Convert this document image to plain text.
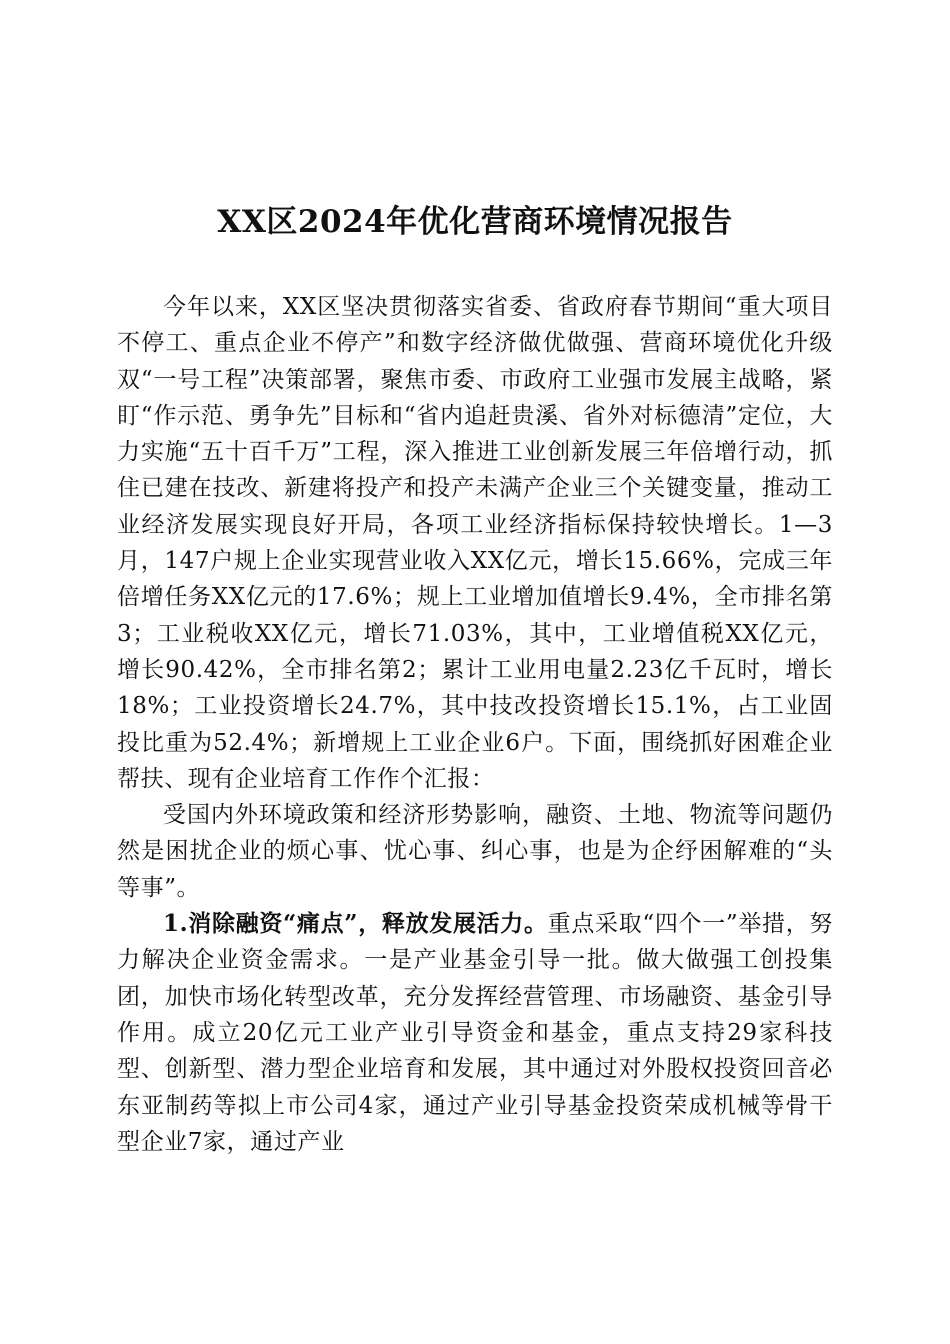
XX区2024年优化营商环境情况报告

今年以来，XX区坚决贯彻落实省委、省政府春节期间“重大项目不停工、重点企业不停产”和数字经济做优做强、营商环境优化升级双“一号工程”决策部署，聚焦市委、市政府工业强市发展主战略，紧盯“作示范、勇争先”目标和“省内追赶贵溪、省外对标德清”定位，大力实施“五十百千万”工程，深入推进工业创新发展三年倍增行动，抓住已建在技改、新建将投产和投产未满产企业三个关键变量，推动工业经济发展实现良好开局，各项工业经济指标保持较快增长。1—3月，147户规上企业实现营业收入XX亿元，增长15.66%，完成三年倍增任务XX亿元的17.6%；规上工业增加值增长9.4%，全市排名第3；工业税收XX亿元，增长71.03%，其中，工业增值税XX亿元，增长90.42%，全市排名第2；累计工业用电量2.23亿千瓦时，增长18%；工业投资增长24.7%，其中技改投资增长15.1%，占工业固投比重为52.4%；新增规上工业企业6户。下面，围绕抓好困难企业帮扶、现有企业培育工作作个汇报：

受国内外环境政策和经济形势影响，融资、土地、物流等问题仍然是困扰企业的烦心事、忧心事、纠心事，也是为企纾困解难的“头等事”。

1.消除融资“痛点”，释放发展活力。重点采取“四个一”举措，努力解决企业资金需求。一是产业基金引导一批。做大做强工创投集团，加快市场化转型改革，充分发挥经营管理、市场融资、基金引导作用。成立20亿元工业产业引导资金和基金，重点支持29家科技型、创新型、潜力型企业培育和发展，其中通过对外股权投资回音必东亚制药等拟上市公司4家，通过产业引导基金投资荣成机械等骨干型企业7家，通过产业
